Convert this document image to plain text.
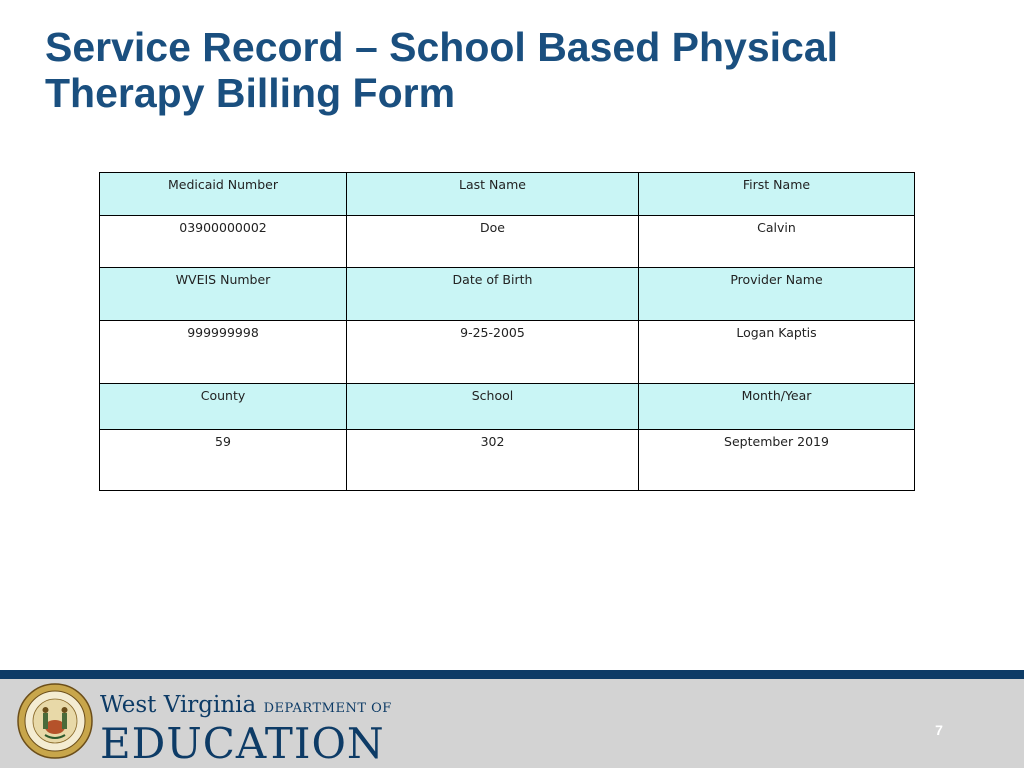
Service Record – School Based Physical Therapy Billing Form
Medicaid Number	Last Name	First Name
03900000002	Doe	Calvin
WVEIS Number	Date of Birth	Provider Name
999999998	9-25-2005	Logan Kaptis
County	School	Month/Year
59	302	September 2019
West Virginia DEPARTMENT OF
EDUCATION	7
